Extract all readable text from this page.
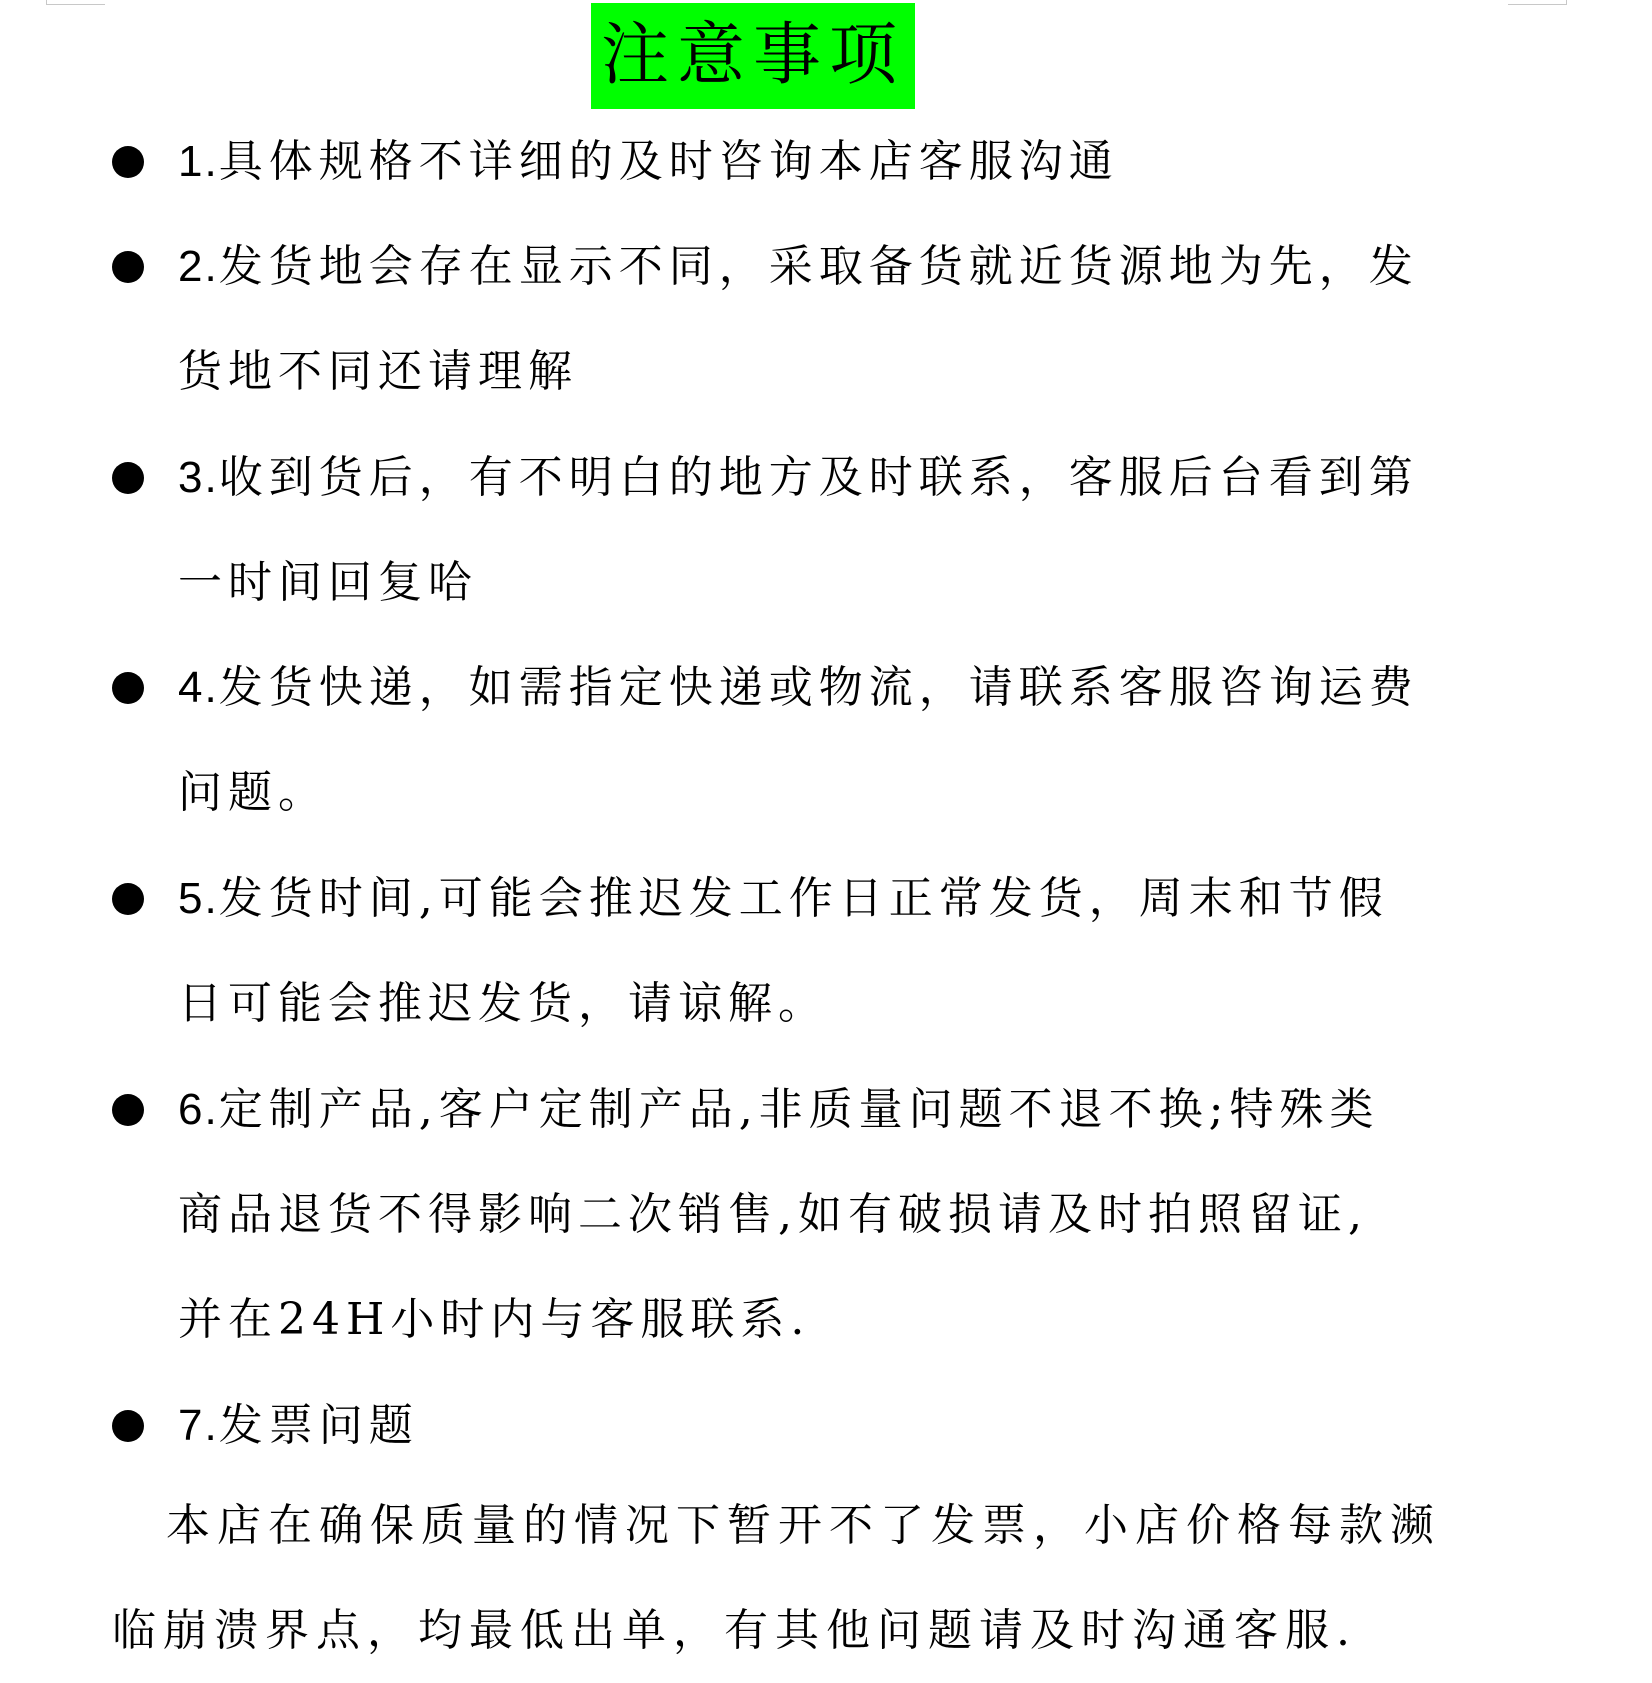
注意事项
1.具体规格不详细的及时咨询本店客服沟通
2.发货地会存在显示不同，采取备货就近货源地为先，发
货地不同还请理解
3.收到货后，有不明白的地方及时联系，客服后台看到第
一时间回复哈
4.发货快递，如需指定快递或物流，请联系客服咨询运费
问题。
5.发货时间,可能会推迟发工作日正常发货，周末和节假
日可能会推迟发货，请谅解。
6.定制产品,客户定制产品,非质量问题不退不换;特殊类
商品退货不得影响二次销售,如有破损请及时拍照留证,
并在24H小时内与客服联系.
7.发票问题
本店在确保质量的情况下暂开不了发票，小店价格每款濒
临崩溃界点，均最低出单，有其他问题请及时沟通客服.
